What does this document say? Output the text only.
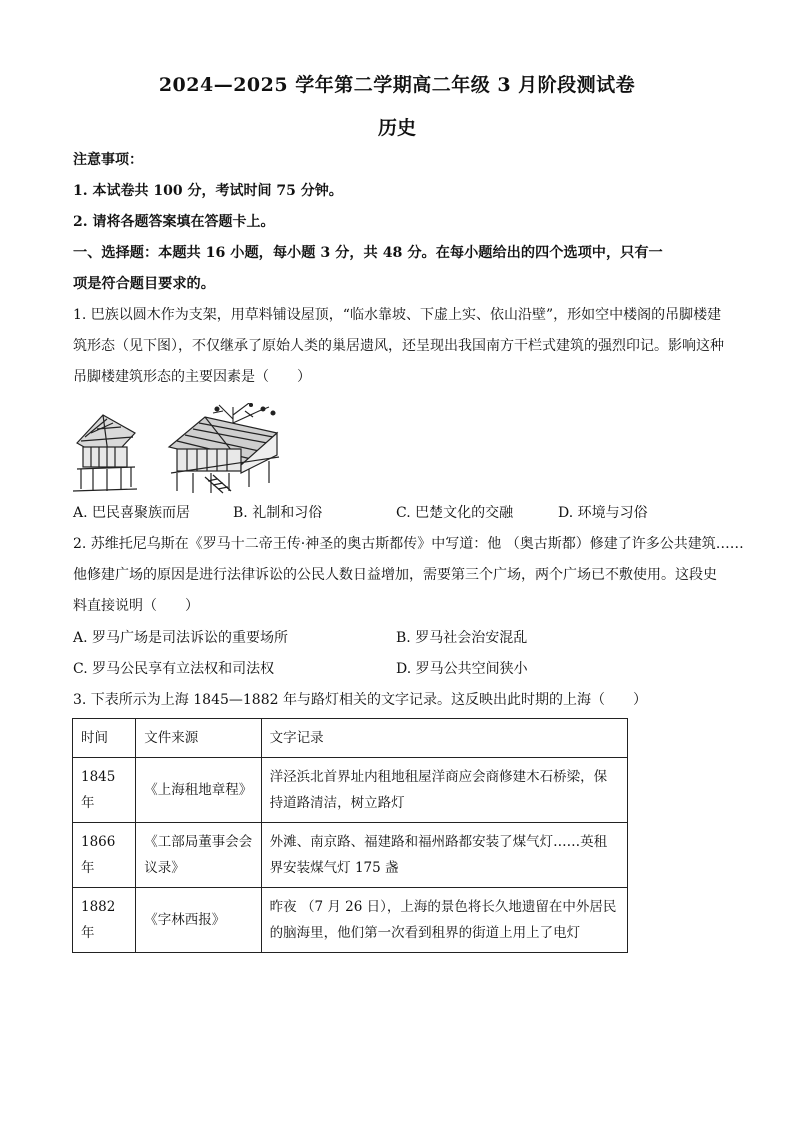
2024—2025 学年第二学期高二年级 3 月阶段测试卷
历史
注意事项：
1. 本试卷共 100 分，考试时间 75 分钟。
2. 请将各题答案填在答题卡上。
一、选择题：本题共 16 小题，每小题 3 分，共 48 分。在每小题给出的四个选项中，只有一
项是符合题目要求的。
1. 巴族以圆木作为支架，用草料铺设屋顶，“临水靠坡、下虚上实、依山沿壁”，形如空中楼阁的吊脚楼建
筑形态（见下图），不仅继承了原始人类的巢居遗风，还呈现出我国南方干栏式建筑的强烈印记。影响这种
吊脚楼建筑形态的主要因素是（　　）
A. 巴民喜聚族而居	B. 礼制和习俗	C. 巴楚文化的交融	D. 环境与习俗
2. 苏维托尼乌斯在《罗马十二帝王传·神圣的奥古斯都传》中写道：他 （奥古斯都）修建了许多公共建筑……
他修建广场的原因是进行法律诉讼的公民人数日益增加，需要第三个广场，两个广场已不敷使用。这段史
料直接说明（　　）
A. 罗马广场是司法诉讼的重要场所	B. 罗马社会治安混乱
C. 罗马公民享有立法权和司法权	D. 罗马公共空间狭小
3. 下表所示为上海 1845—1882 年与路灯相关的文字记录。这反映出此时期的上海（　　）
时间	文件来源	文字记录
1845 年	《上海租地章程》	洋泾浜北首界址内租地租屋洋商应会商修建木石桥梁，保持道路清洁，树立路灯
1866 年	《工部局董事会会议录》	外滩、南京路、福建路和福州路都安装了煤气灯……英租界安装煤气灯 175 盏
1882 年	《字林西报》	昨夜 （7 月 26 日），上海的景色将长久地遗留在中外居民的脑海里，他们第一次看到租界的街道上用上了电灯
